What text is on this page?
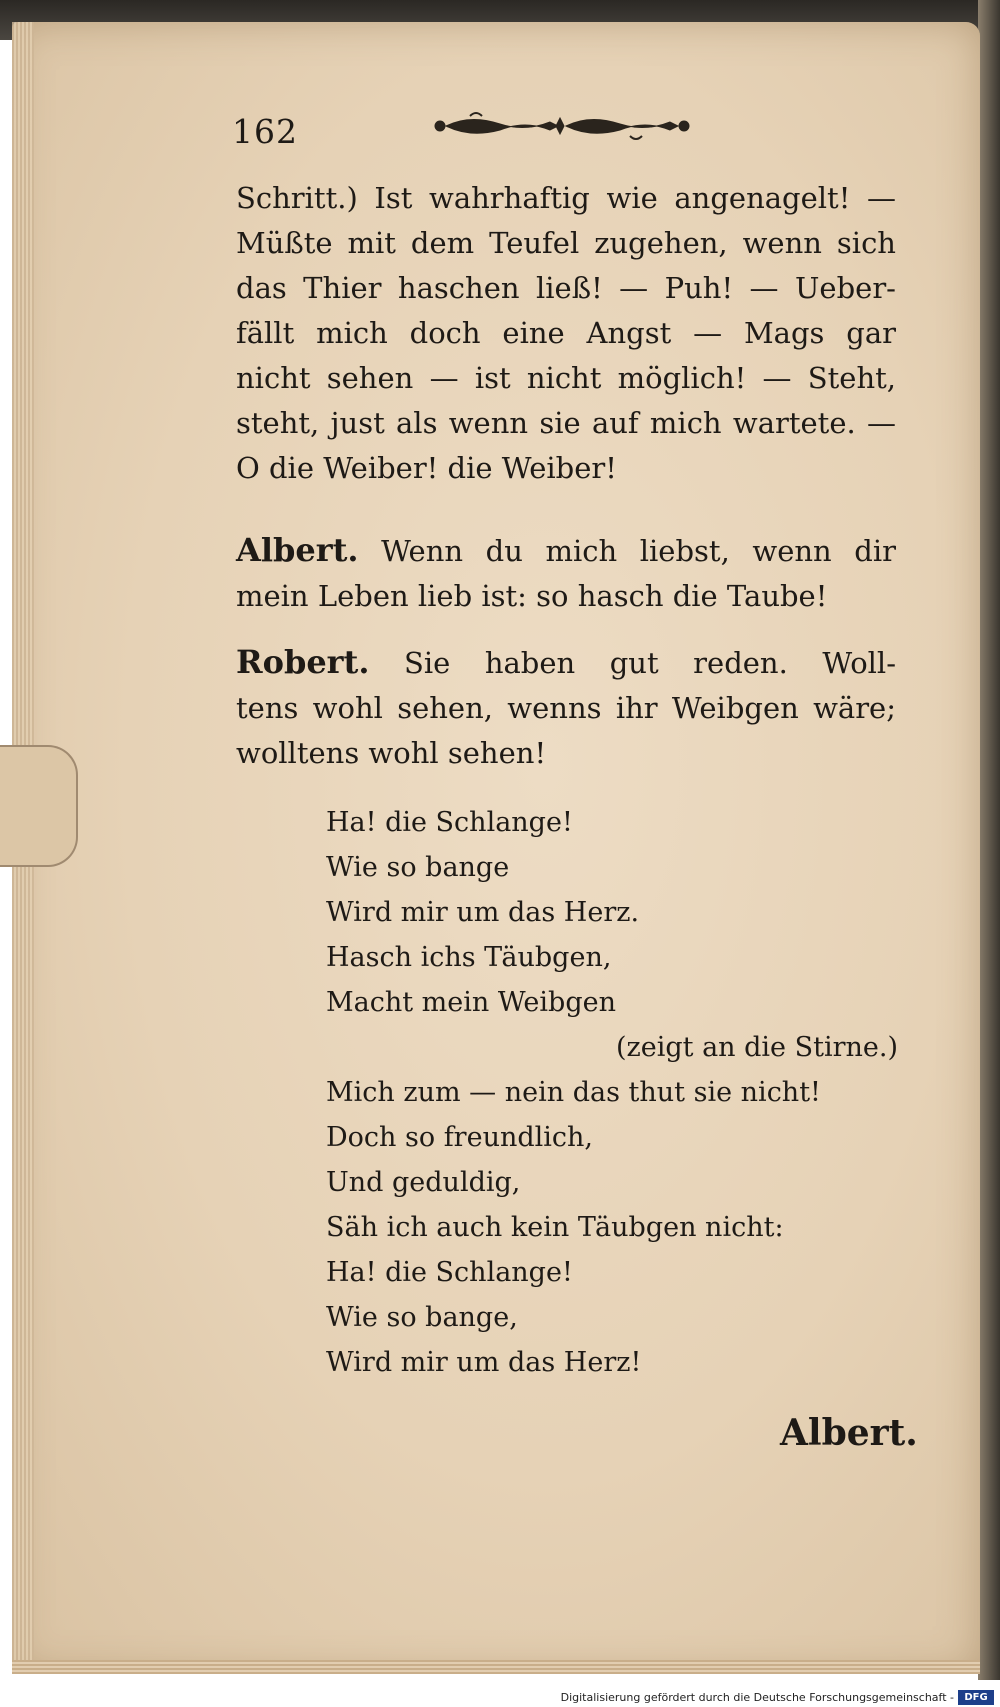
162
Schritt.) Ist wahrhaftig wie angenagelt! —
Müßte mit dem Teufel zugehen, wenn sich
das Thier haschen ließ! — Puh! — Ueber-
fällt mich doch eine Angst — Mags gar
nicht sehen — ist nicht möglich! — Steht,
steht, just als wenn sie auf mich wartete. —
O die Weiber! die Weiber!
Albert. Wenn du mich liebst, wenn dir
mein Leben lieb ist: so hasch die Taube!
Robert. Sie haben gut reden. Woll-
tens wohl sehen, wenns ihr Weibgen wäre;
wolltens wohl sehen!
Ha! die Schlange!
Wie so bange
Wird mir um das Herz.
Hasch ichs Täubgen,
Macht mein Weibgen
(zeigt an die Stirne.)
Mich zum — nein das thut sie nicht!
Doch so freundlich,
Und geduldig,
Säh ich auch kein Täubgen nicht:
Ha! die Schlange!
Wie so bange,
Wird mir um das Herz!
Albert.
Digitalisierung gefördert durch die Deutsche Forschungsgemeinschaft -	DFG
